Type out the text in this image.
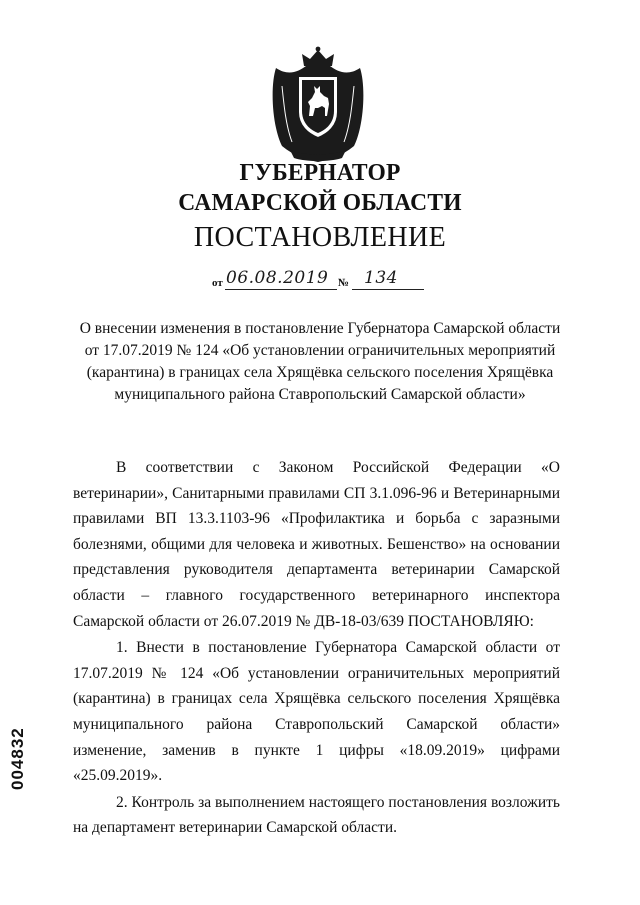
ГУБЕРНАТОР
САМАРСКОЙ ОБЛАСТИ
ПОСТАНОВЛЕНИЕ
от 06.08.2019 № 134
О внесении изменения в постановление Губернатора Самарской области
от 17.07.2019 № 124 «Об установлении ограничительных мероприятий
(карантина) в границах села Хрящёвка сельского поселения Хрящёвка
муниципального района Ставропольский Самарской области»

В соответствии с Законом Российской Федерации «О ветеринарии», Санитарными правилами СП 3.1.096-96 и Ветеринарными правилами ВП 13.3.1103-96 «Профилактика и борьба с заразными болезнями, общими для человека и животных. Бешенство» на основании представления руководителя департамента ветеринарии Самарской области – главного государственного ветеринарного инспектора Самарской области от 26.07.2019 № ДВ-18-03/639 ПОСТАНОВЛЯЮ:

1. Внести в постановление Губернатора Самарской области от 17.07.2019 № 124 «Об установлении ограничительных мероприятий (карантина) в границах села Хрящёвка сельского поселения Хрящёвка муниципального района Ставропольский Самарской области» изменение, заменив в пункте 1 цифры «18.09.2019» цифрами «25.09.2019».

2. Контроль за выполнением настоящего постановления возложить на департамент ветеринарии Самарской области.

004832
